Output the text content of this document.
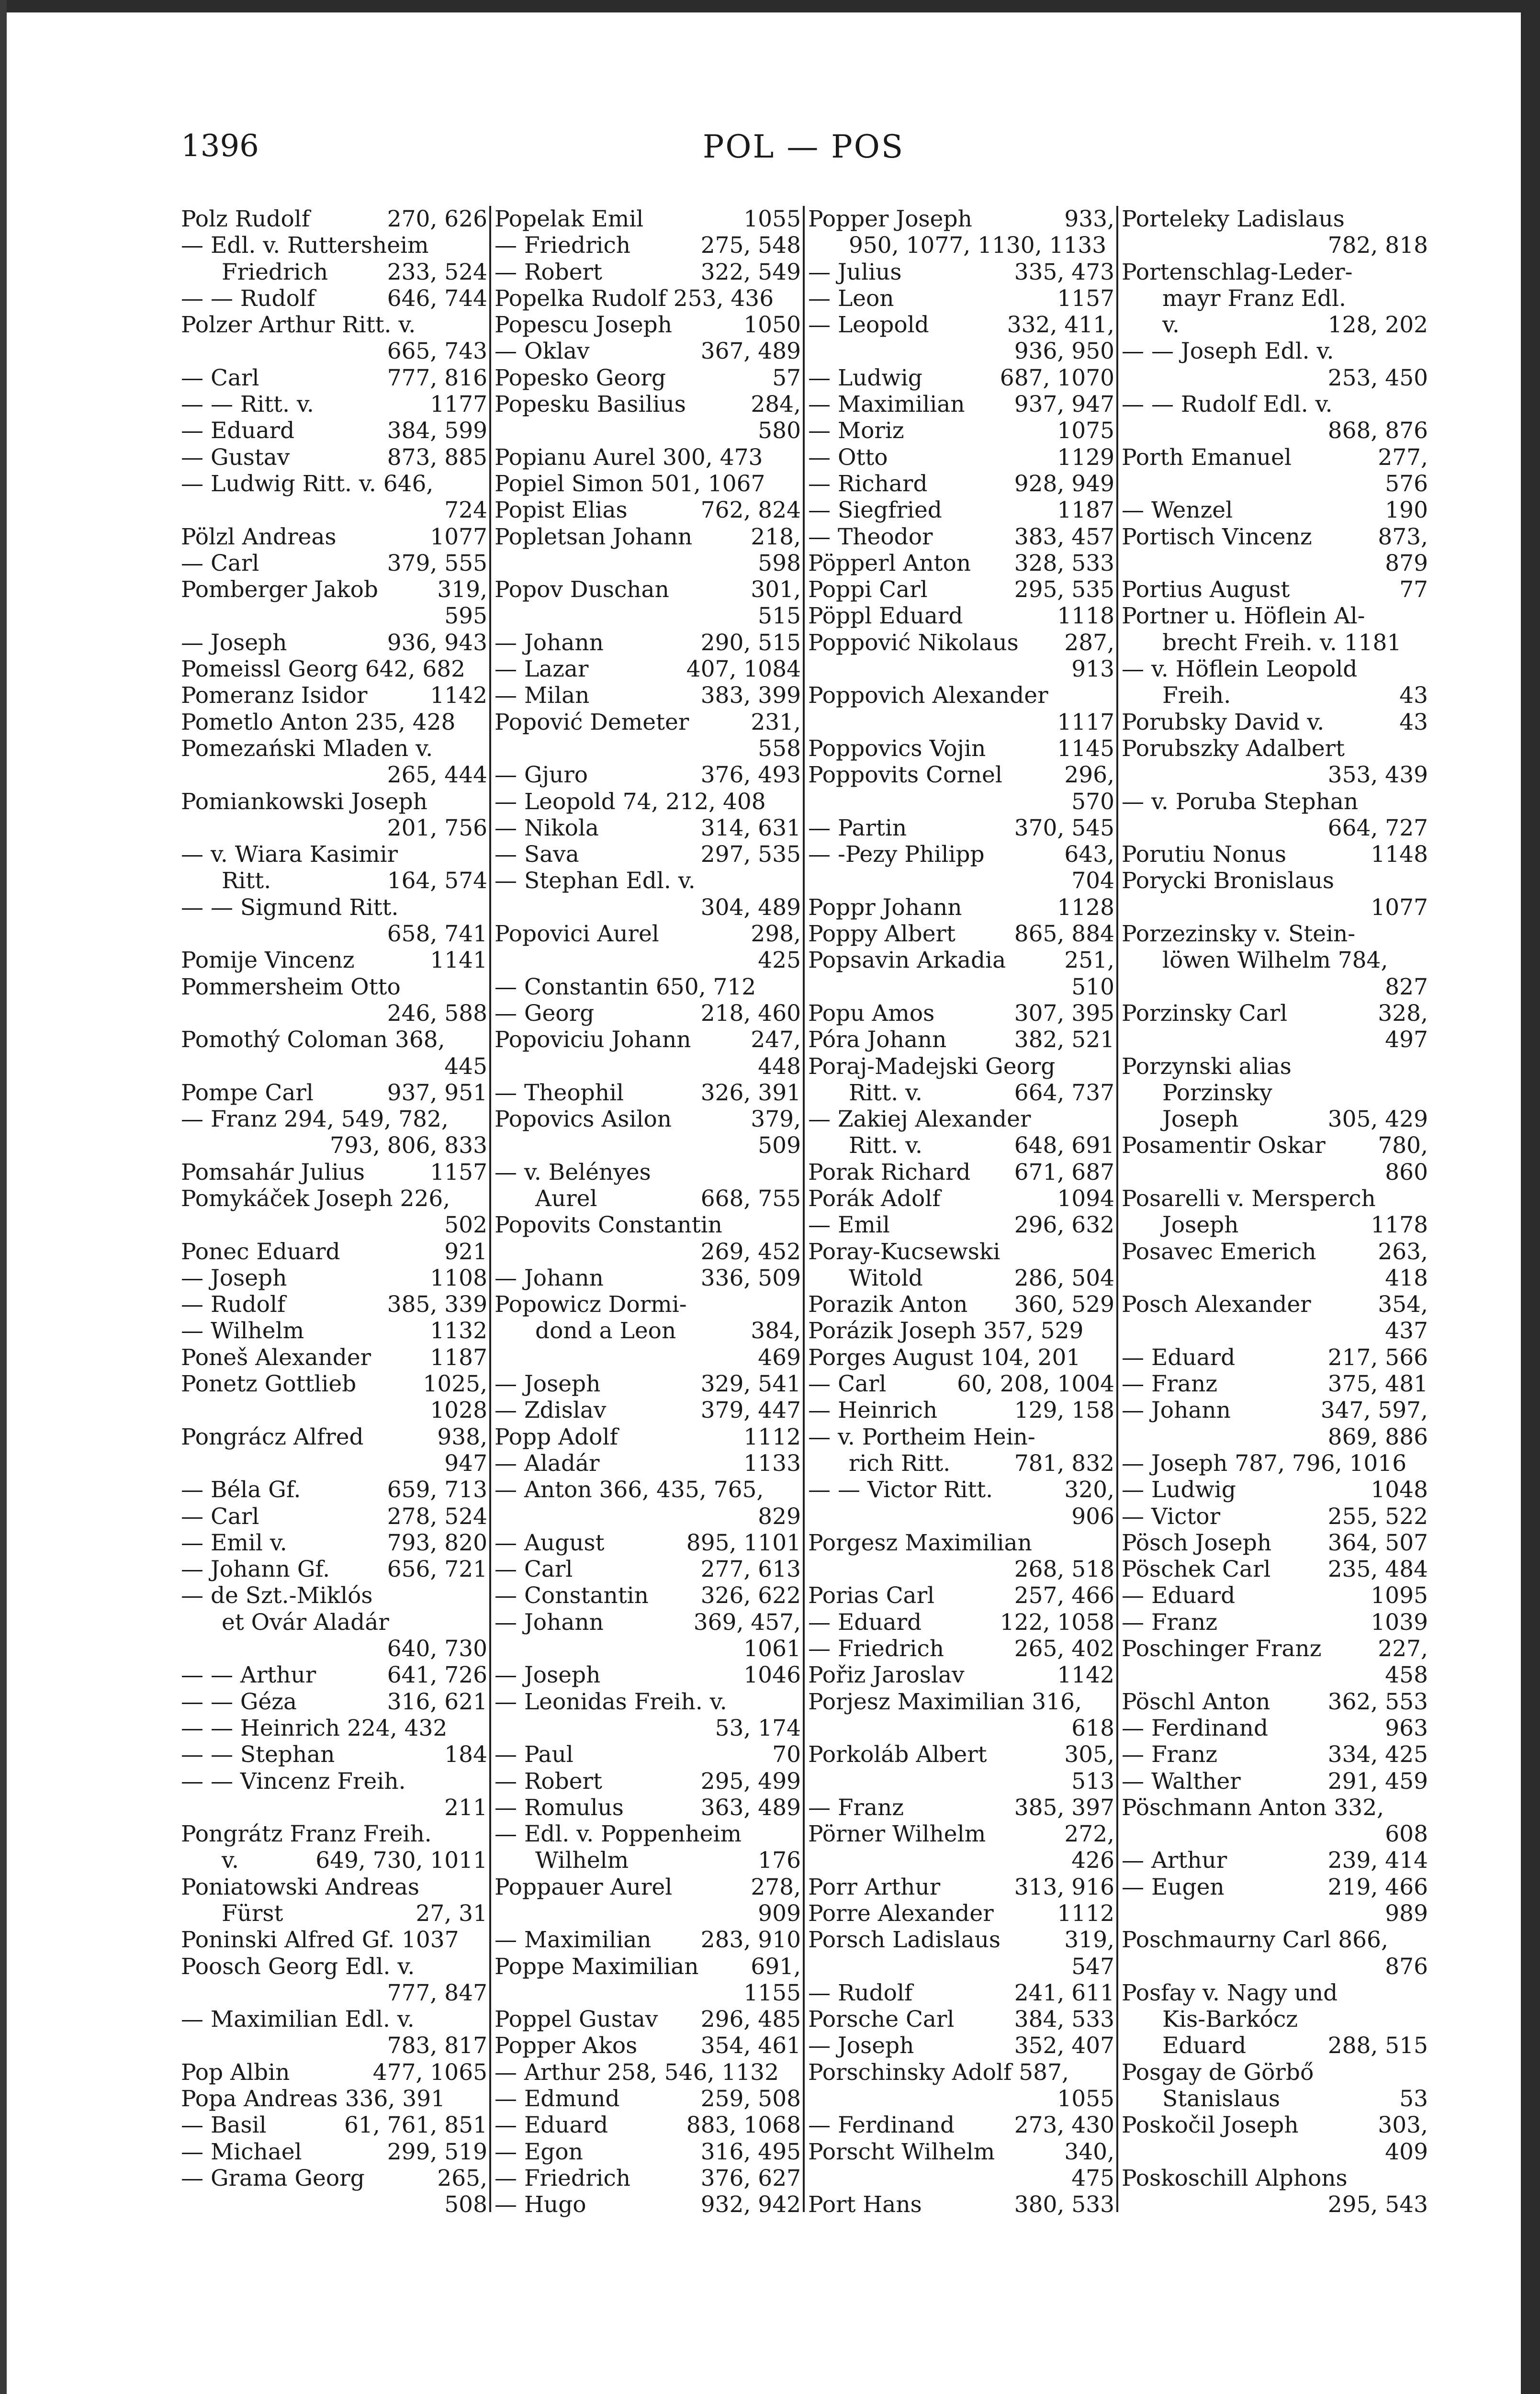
1396	POL — POS
Polz Rudolf	270, 626
— Edl. v. Ruttersheim
Friedrich	233, 524
— — Rudolf	646, 744
Polzer Arthur Ritt. v.
665, 743
— Carl	777, 816
— — Ritt. v.	1177
— Eduard	384, 599
— Gustav	873, 885
— Ludwig Ritt. v. 646,
724
Pölzl Andreas	1077
— Carl	379, 555
Pomberger Jakob	319,
595
— Joseph	936, 943
Pomeissl Georg 642, 682
Pomeranz Isidor	1142
Pometlo Anton 235, 428
Pomezański Mladen v.
265, 444
Pomiankowski Joseph
201, 756
— v. Wiara Kasimir
Ritt.	164, 574
— — Sigmund Ritt.
658, 741
Pomije Vincenz	1141
Pommersheim Otto
246, 588
Pomothý Coloman 368,
445
Pompe Carl	937, 951
— Franz 294, 549, 782,
793, 806, 833
Pomsahár Julius	1157
Pomykáček Joseph 226,
502
Ponec Eduard	921
— Joseph	1108
— Rudolf	385, 339
— Wilhelm	1132
Poneš Alexander	1187
Ponetz Gottlieb	1025,
1028
Pongrácz Alfred	938,
947
— Béla Gf.	659, 713
— Carl	278, 524
— Emil v.	793, 820
— Johann Gf.	656, 721
— de Szt.-Miklós
et Ovár Aladár
640, 730
— — Arthur	641, 726
— — Géza	316, 621
— — Heinrich 224, 432
— — Stephan	184
— — Vincenz Freih.
211
Pongrátz Franz Freih.
v.	649, 730, 1011
Poniatowski Andreas
Fürst	27, 31
Poninski Alfred Gf. 1037
Poosch Georg Edl. v.
777, 847
— Maximilian Edl. v.
783, 817
Pop Albin	477, 1065
Popa Andreas 336, 391
— Basil	61, 761, 851
— Michael	299, 519
— Grama Georg	265,
508
Popelak Emil	1055
— Friedrich	275, 548
— Robert	322, 549
Popelka Rudolf 253, 436
Popescu Joseph	1050
— Oklav	367, 489
Popesko Georg	57
Popesku Basilius	284,
580
Popianu Aurel 300, 473
Popiel Simon 501, 1067
Popist Elias	762, 824
Popletsan Johann	218,
598
Popov Duschan	301,
515
— Johann	290, 515
— Lazar	407, 1084
— Milan	383, 399
Popović Demeter	231,
558
— Gjuro	376, 493
— Leopold 74, 212, 408
— Nikola	314, 631
— Sava	297, 535
— Stephan Edl. v.
304, 489
Popovici Aurel	298,
425
— Constantin 650, 712
— Georg	218, 460
Popoviciu Johann	247,
448
— Theophil	326, 391
Popovics Asilon	379,
509
— v. Belényes
Aurel	668, 755
Popovits Constantin
269, 452
— Johann	336, 509
Popowicz Dormi-
dond a Leon	384,
469
— Joseph	329, 541
— Zdislav	379, 447
Popp Adolf	1112
— Aladár	1133
— Anton 366, 435, 765,
829
— August	895, 1101
— Carl	277, 613
— Constantin 326, 622
— Johann	369, 457,
1061
— Joseph	1046
— Leonidas Freih. v.
53, 174
— Paul	70
— Robert	295, 499
— Romulus	363, 489
— Edl. v. Poppenheim
Wilhelm	176
Poppauer Aurel	278,
909
— Maximilian 283, 910
Poppe Maximilian 691,
1155
Poppel Gustav 296, 485
Popper Akos	354, 461
— Arthur 258, 546, 1132
— Edmund	259, 508
— Eduard	883, 1068
— Egon	316, 495
— Friedrich	376, 627
— Hugo	932, 942
Popper Joseph	933,
950, 1077, 1130, 1133
— Julius	335, 473
— Leon	1157
— Leopold	332, 411,
936, 950
— Ludwig	687, 1070
— Maximilian 937, 947
— Moriz	1075
— Otto	1129
— Richard	928, 949
— Siegfried	1187
— Theodor	383, 457
Pöpperl Anton 328, 533
Poppi Carl	295, 535
Pöppl Eduard	1118
Poppović Nikolaus 287,
913
Poppovich Alexander
1117
Poppovics Vojin	1145
Poppovits Cornel	296,
570
— Partin	370, 545
— -Pezy Philipp	643,
704
Poppr Johann	1128
Poppy Albert	865, 884
Popsavin Arkadia	251,
510
Popu Amos	307, 395
Póra Johann	382, 521
Poraj-Madejski Georg
Ritt. v.	664, 737
— Zakiej Alexander
Ritt. v.	648, 691
Porak Richard 671, 687
Porák Adolf	1094
— Emil	296, 632
Poray-Kucsewski
Witold	286, 504
Porazik Anton 360, 529
Porázik Joseph 357, 529
Porges August 104, 201
— Carl	60, 208, 1004
— Heinrich	129, 158
— v. Portheim Hein-
rich Ritt.	781, 832
— — Victor Ritt.	320,
906
Porgesz Maximilian
268, 518
Porias Carl	257, 466
— Eduard	122, 1058
— Friedrich	265, 402
Pořiz Jaroslav	1142
Porjesz Maximilian 316,
618
Porkoláb Albert	305,
513
— Franz	385, 397
Pörner Wilhelm	272,
426
Porr Arthur	313, 916
Porre Alexander	1112
Porsch Ladislaus	319,
547
— Rudolf	241, 611
Porsche Carl	384, 533
— Joseph	352, 407
Porschinsky Adolf 587,
1055
— Ferdinand	273, 430
Porscht Wilhelm	340,
475
Port Hans	380, 533
Porteleky Ladislaus
782, 818
Portenschlag-Leder-
mayr Franz Edl.
v.	128, 202
— — Joseph Edl. v.
253, 450
— — Rudolf Edl. v.
868, 876
Porth Emanuel	277,
576
— Wenzel	190
Portisch Vincenz	873,
879
Portius August	77
Portner u. Höflein Al-
brecht Freih. v. 1181
— v. Höflein Leopold
Freih.	43
Porubsky David v.	43
Porubszky Adalbert
353, 439
— v. Poruba Stephan
664, 727
Porutiu Nonus	1148
Porycki Bronislaus
1077
Porzezinsky v. Stein-
löwen Wilhelm 784,
827
Porzinsky Carl	328,
497
Porzynski alias
Porzinsky
Joseph	305, 429
Posamentir Oskar 780,
860
Posarelli v. Mersperch
Joseph	1178
Posavec Emerich	263,
418
Posch Alexander	354,
437
— Eduard	217, 566
— Franz	375, 481
— Johann	347, 597,
869, 886
— Joseph 787, 796, 1016
— Ludwig	1048
— Victor	255, 522
Pösch Joseph	364, 507
Pöschek Carl	235, 484
— Eduard	1095
— Franz	1039
Poschinger Franz	227,
458
Pöschl Anton	362, 553
— Ferdinand	963
— Franz	334, 425
— Walther	291, 459
Pöschmann Anton 332,
608
— Arthur	239, 414
— Eugen	219, 466
989
Poschmaurny Carl 866,
876
Posfay v. Nagy und
Kis-Barkócz
Eduard	288, 515
Posgay de Görbő
Stanislaus	53
Poskočil Joseph	303,
409
Poskoschill Alphons
295, 543
